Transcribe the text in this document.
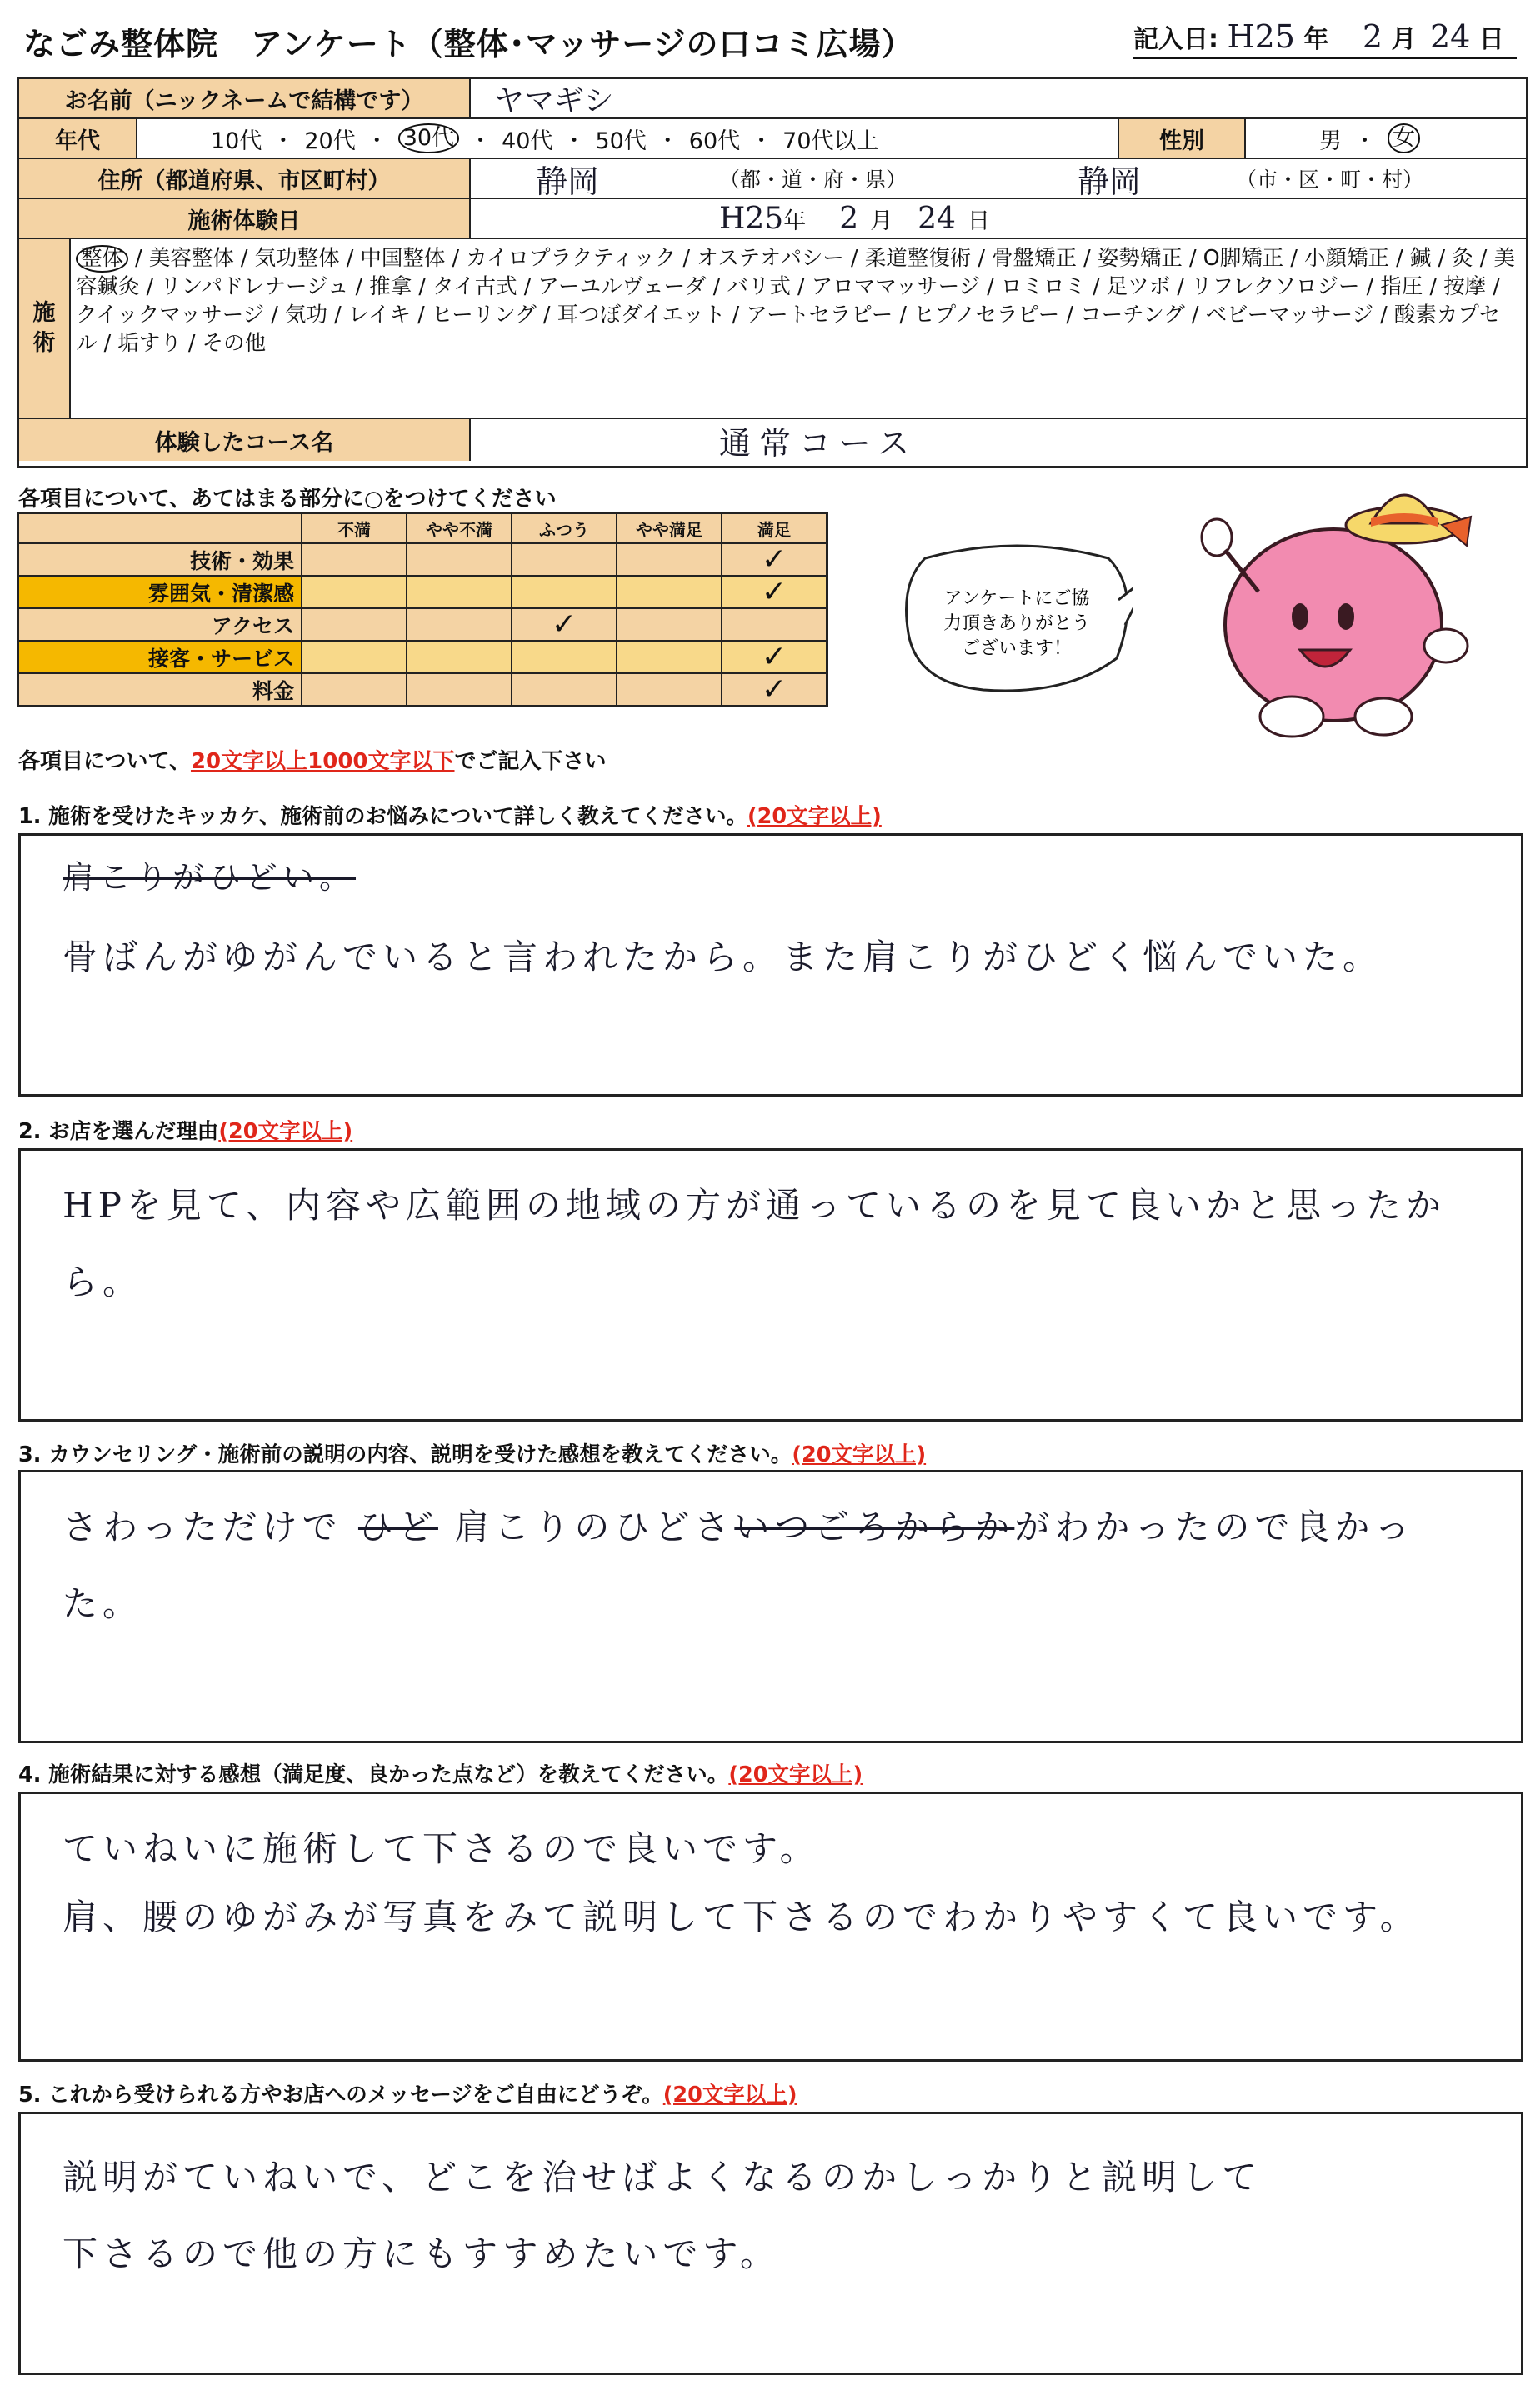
なごみ整体院　アンケート（整体･マッサージの口コミ広場）	記入日: H25 年 2 月 24 日
お名前（ニックネームで結構です）	ヤマギシ
年代	10代 ・ 20代 ・ 30代 ・ 40代 ・ 50代 ・ 60代 ・ 70代以上	性別	男 ・ 女
住所（都道府県、市区町村）	静岡	（都・道・府・県）	静岡	（市・区・町・村）
施術体験日	H25 年 2 月 24 日
施
術
整体 / 美容整体 / 気功整体 / 中国整体 / カイロプラクティック / オステオパシー / 柔道整復術 / 骨盤矯正 / 姿勢矯正 / O脚矯正 / 小顔矯正 / 鍼 / 灸 / 美容鍼灸 / リンパドレナージュ / 推拿 / タイ古式 / アーユルヴェーダ / バリ式 / アロママッサージ / ロミロミ / 足ツボ / リフレクソロジー / 指圧 / 按摩 / クイックマッサージ / 気功 / レイキ / ヒーリング / 耳つぼダイエット / アートセラピー / ヒプノセラピー / コーチング / ベビーマッサージ / 酸素カプセル / 垢すり / その他
体験したコース名	通常コース
各項目について、あてはまる部分に○をつけてください
	不満	やや不満	ふつう	やや満足	満足
技術・効果					✓
雰囲気・清潔感					✓
アクセス			✓		
接客・サービス					✓
料金					✓
アンケートにご協
力頂きありがとう
ございます！
各項目について、20文字以上1000文字以下でご記入下さい
1. 施術を受けたキッカケ、施術前のお悩みについて詳しく教えてください。(20文字以上)
肩こりがひどい。
骨ばんがゆがんでいると言われたから。また肩こりがひどく悩んでいた。
2. お店を選んだ理由(20文字以上)
HPを見て、内容や広範囲の地域の方が通っているのを見て良いかと思ったから。
3. カウンセリング・施術前の説明の内容、説明を受けた感想を教えてください。(20文字以上)
さわっただけで ひど 肩こりのひどさいつごろからかがわかったので良かった。
4. 施術結果に対する感想（満足度、良かった点など）を教えてください。(20文字以上)
ていねいに施術して下さるので良いです。
肩、腰のゆがみが写真をみて説明して下さるのでわかりやすくて良いです。
5. これから受けられる方やお店へのメッセージをご自由にどうぞ。(20文字以上)
説明がていねいで、どこを治せばよくなるのかしっかりと説明して
下さるので他の方にもすすめたいです。
